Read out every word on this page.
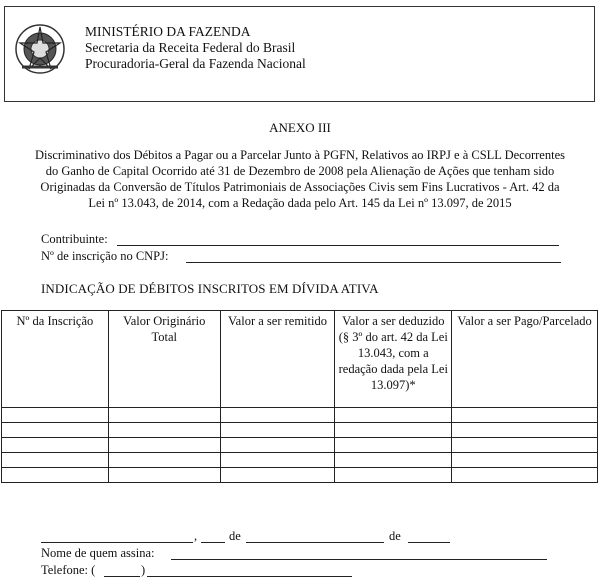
MINISTÉRIO DA FAZENDA
Secretaria da Receita Federal do Brasil
Procuradoria-Geral da Fazenda Nacional
ANEXO III
Discriminativo dos Débitos a Pagar ou a Parcelar Junto à PGFN, Relativos ao IRPJ e à CSLL Decorrentes
do Ganho de Capital Ocorrido até 31 de Dezembro de 2008 pela Alienação de Ações que tenham sido
Originadas da Conversão de Títulos Patrimoniais de Associações Civis sem Fins Lucrativos - Art. 42 da
Lei nº 13.043, de 2014, com a Redação dada pelo Art. 145 da Lei nº 13.097, de 2015
Contribuinte:
Nº de inscrição no CNPJ:
INDICAÇÃO DE DÉBITOS INSCRITOS EM DÍVIDA ATIVA
Nº da Inscrição	Valor Originário Total	Valor a ser remitido	Valor a ser deduzido (§ 3º do art. 42 da Lei 13.043, com a redação dada pela Lei 13.097)*	Valor a ser Pago/Parcelado

,	de	de
Nome de quem assina:
Telefone: (	)
